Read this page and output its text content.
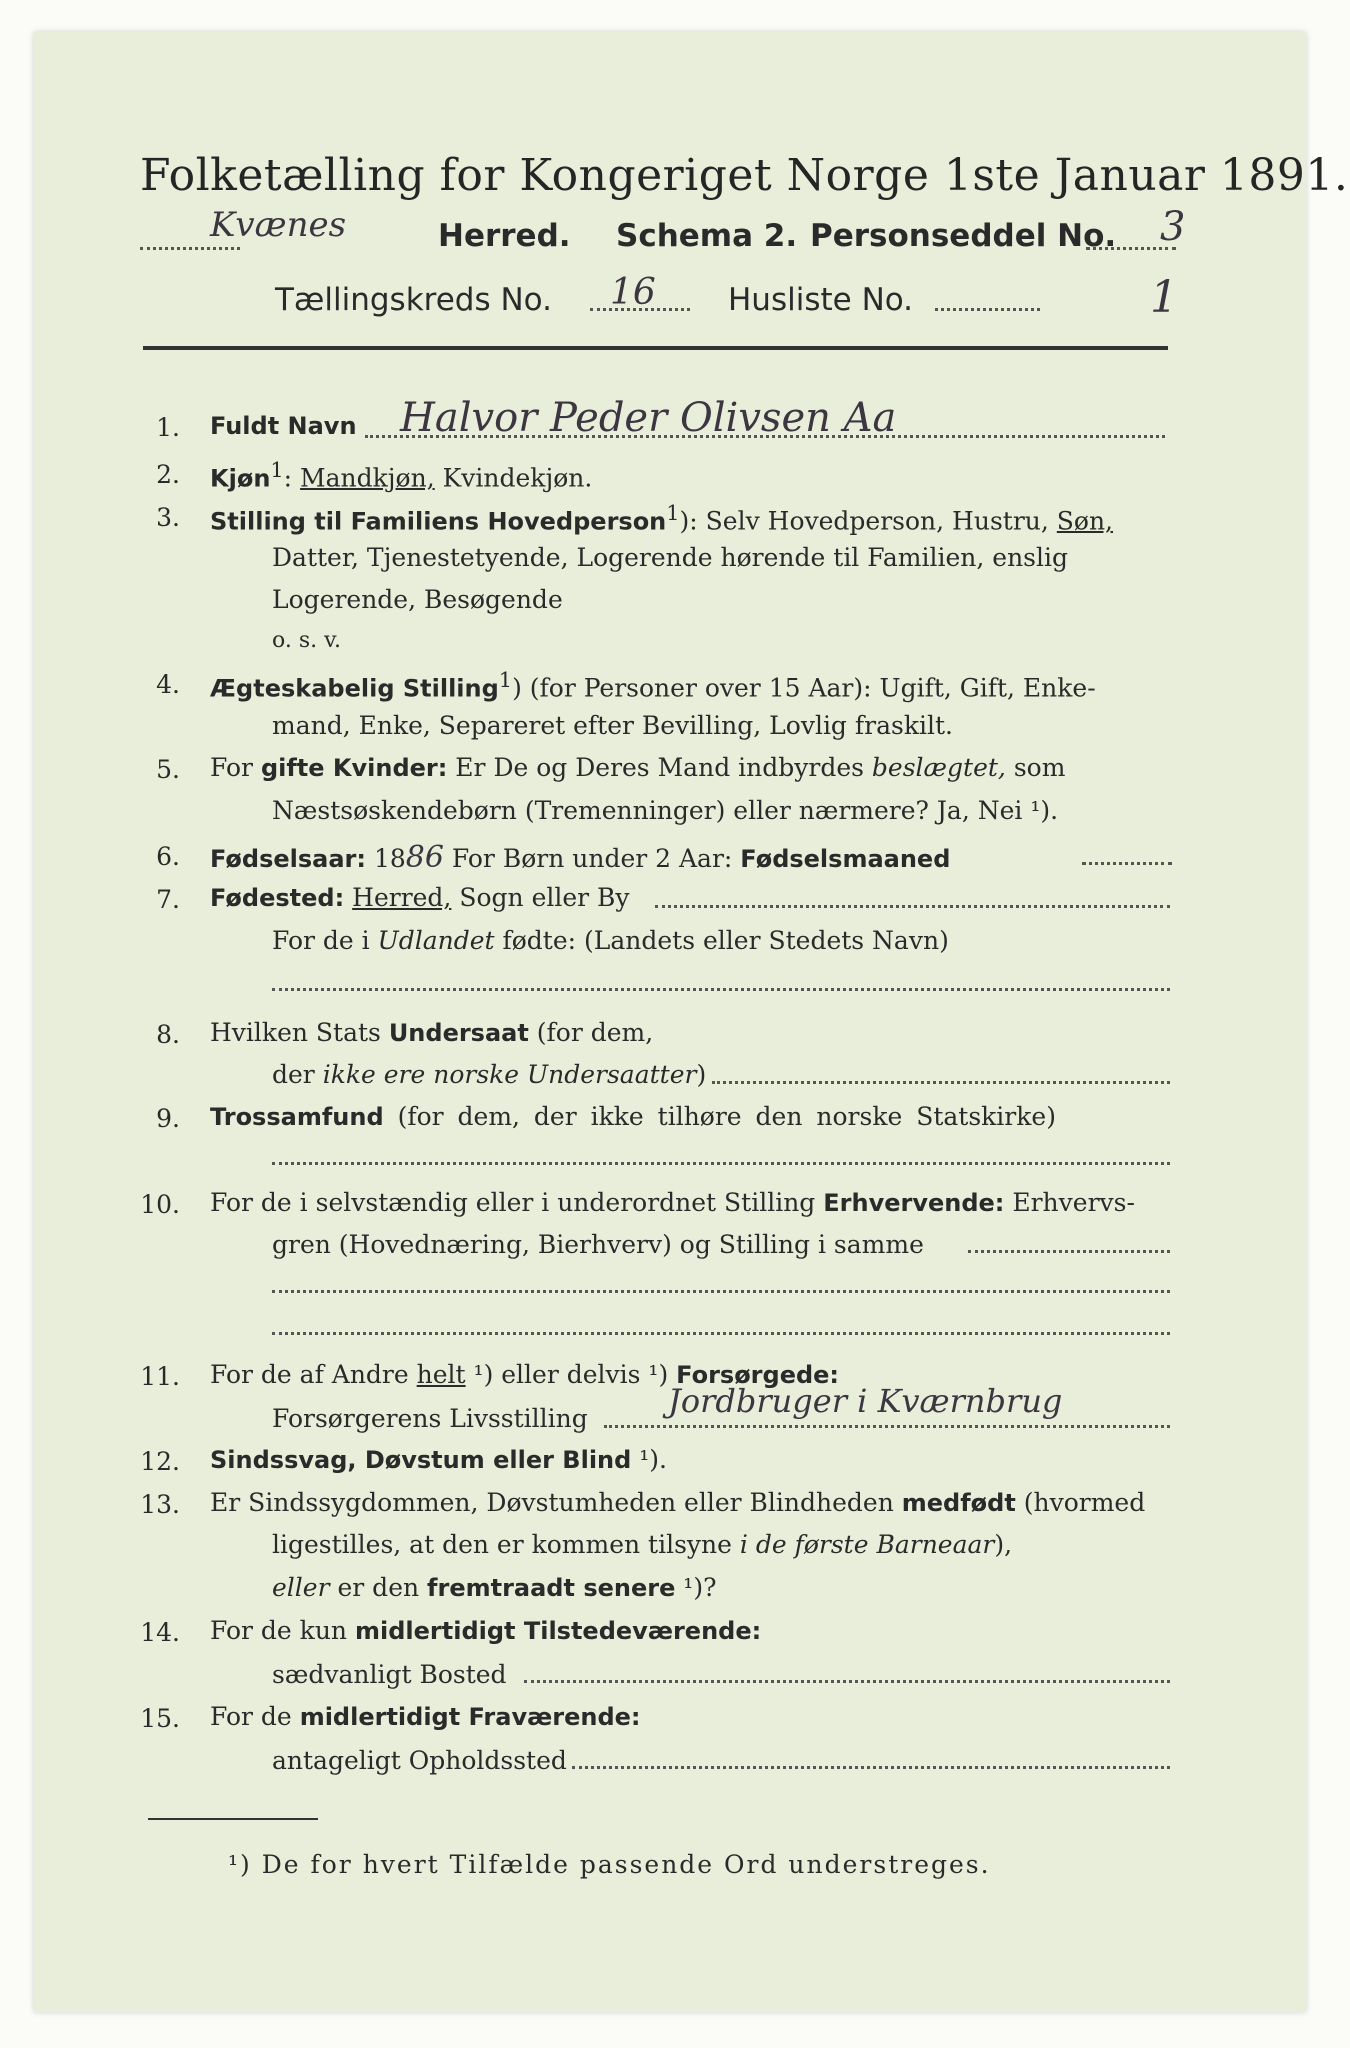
Folketælling for Kongeriget Norge 1ste Januar 1891.
Kvænes	Herred. Schema 2. Personseddel No. 3
Tællingskreds No. 16 Husliste No.	1
1. Fuldt Navn Halvor Peder Olivsen Aa
2. Kjøn$^1$: Mandkjøn, Kvindekjøn.
3. Stilling til Familiens Hovedperson$^1$): Selv Hovedperson, Hustru, Søn,
Datter, Tjenestetyende, Logerende hørende til Familien, enslig
Logerende, Besøgende
o. s. v.
4. Ægteskabelig Stilling$^1$) (for Personer over 15 Aar): Ugift, Gift, Enke-
mand, Enke, Separeret efter Bevilling, Lovlig fraskilt.
5. For gifte Kvinder: Er De og Deres Mand indbyrdes beslægtet, som
Næstsøskendebørn (Tremenninger) eller nærmere? Ja, Nei ¹).
6. Fødselsaar: 1886 For Børn under 2 Aar: Fødselsmaaned
7. Fødested: Herred, Sogn eller By
For de i Udlandet fødte: (Landets eller Stedets Navn)
8. Hvilken Stats Undersaat (for dem,
der ikke ere norske Undersaatter)
9. Trossamfund (for dem, der ikke tilhøre den norske Statskirke)
10. For de i selvstændig eller i underordnet Stilling Erhvervende: Erhvervs-
gren (Hovednæring, Bierhverv) og Stilling i samme
11. For de af Andre helt ¹) eller delvis ¹) Forsørgede:
Forsørgerens Livsstilling	Jordbruger i Kværnbrug
12. Sindssvag, Døvstum eller Blind ¹).
13. Er Sindssygdommen, Døvstumheden eller Blindheden medfødt (hvormed
ligestilles, at den er kommen tilsyne i de første Barneaar),
eller er den fremtraadt senere ¹)?
14. For de kun midlertidigt Tilstedeværende:
sædvanligt Bosted
15. For de midlertidigt Fraværende:
antageligt Opholdssted
¹) De for hvert Tilfælde passende Ord understreges.
